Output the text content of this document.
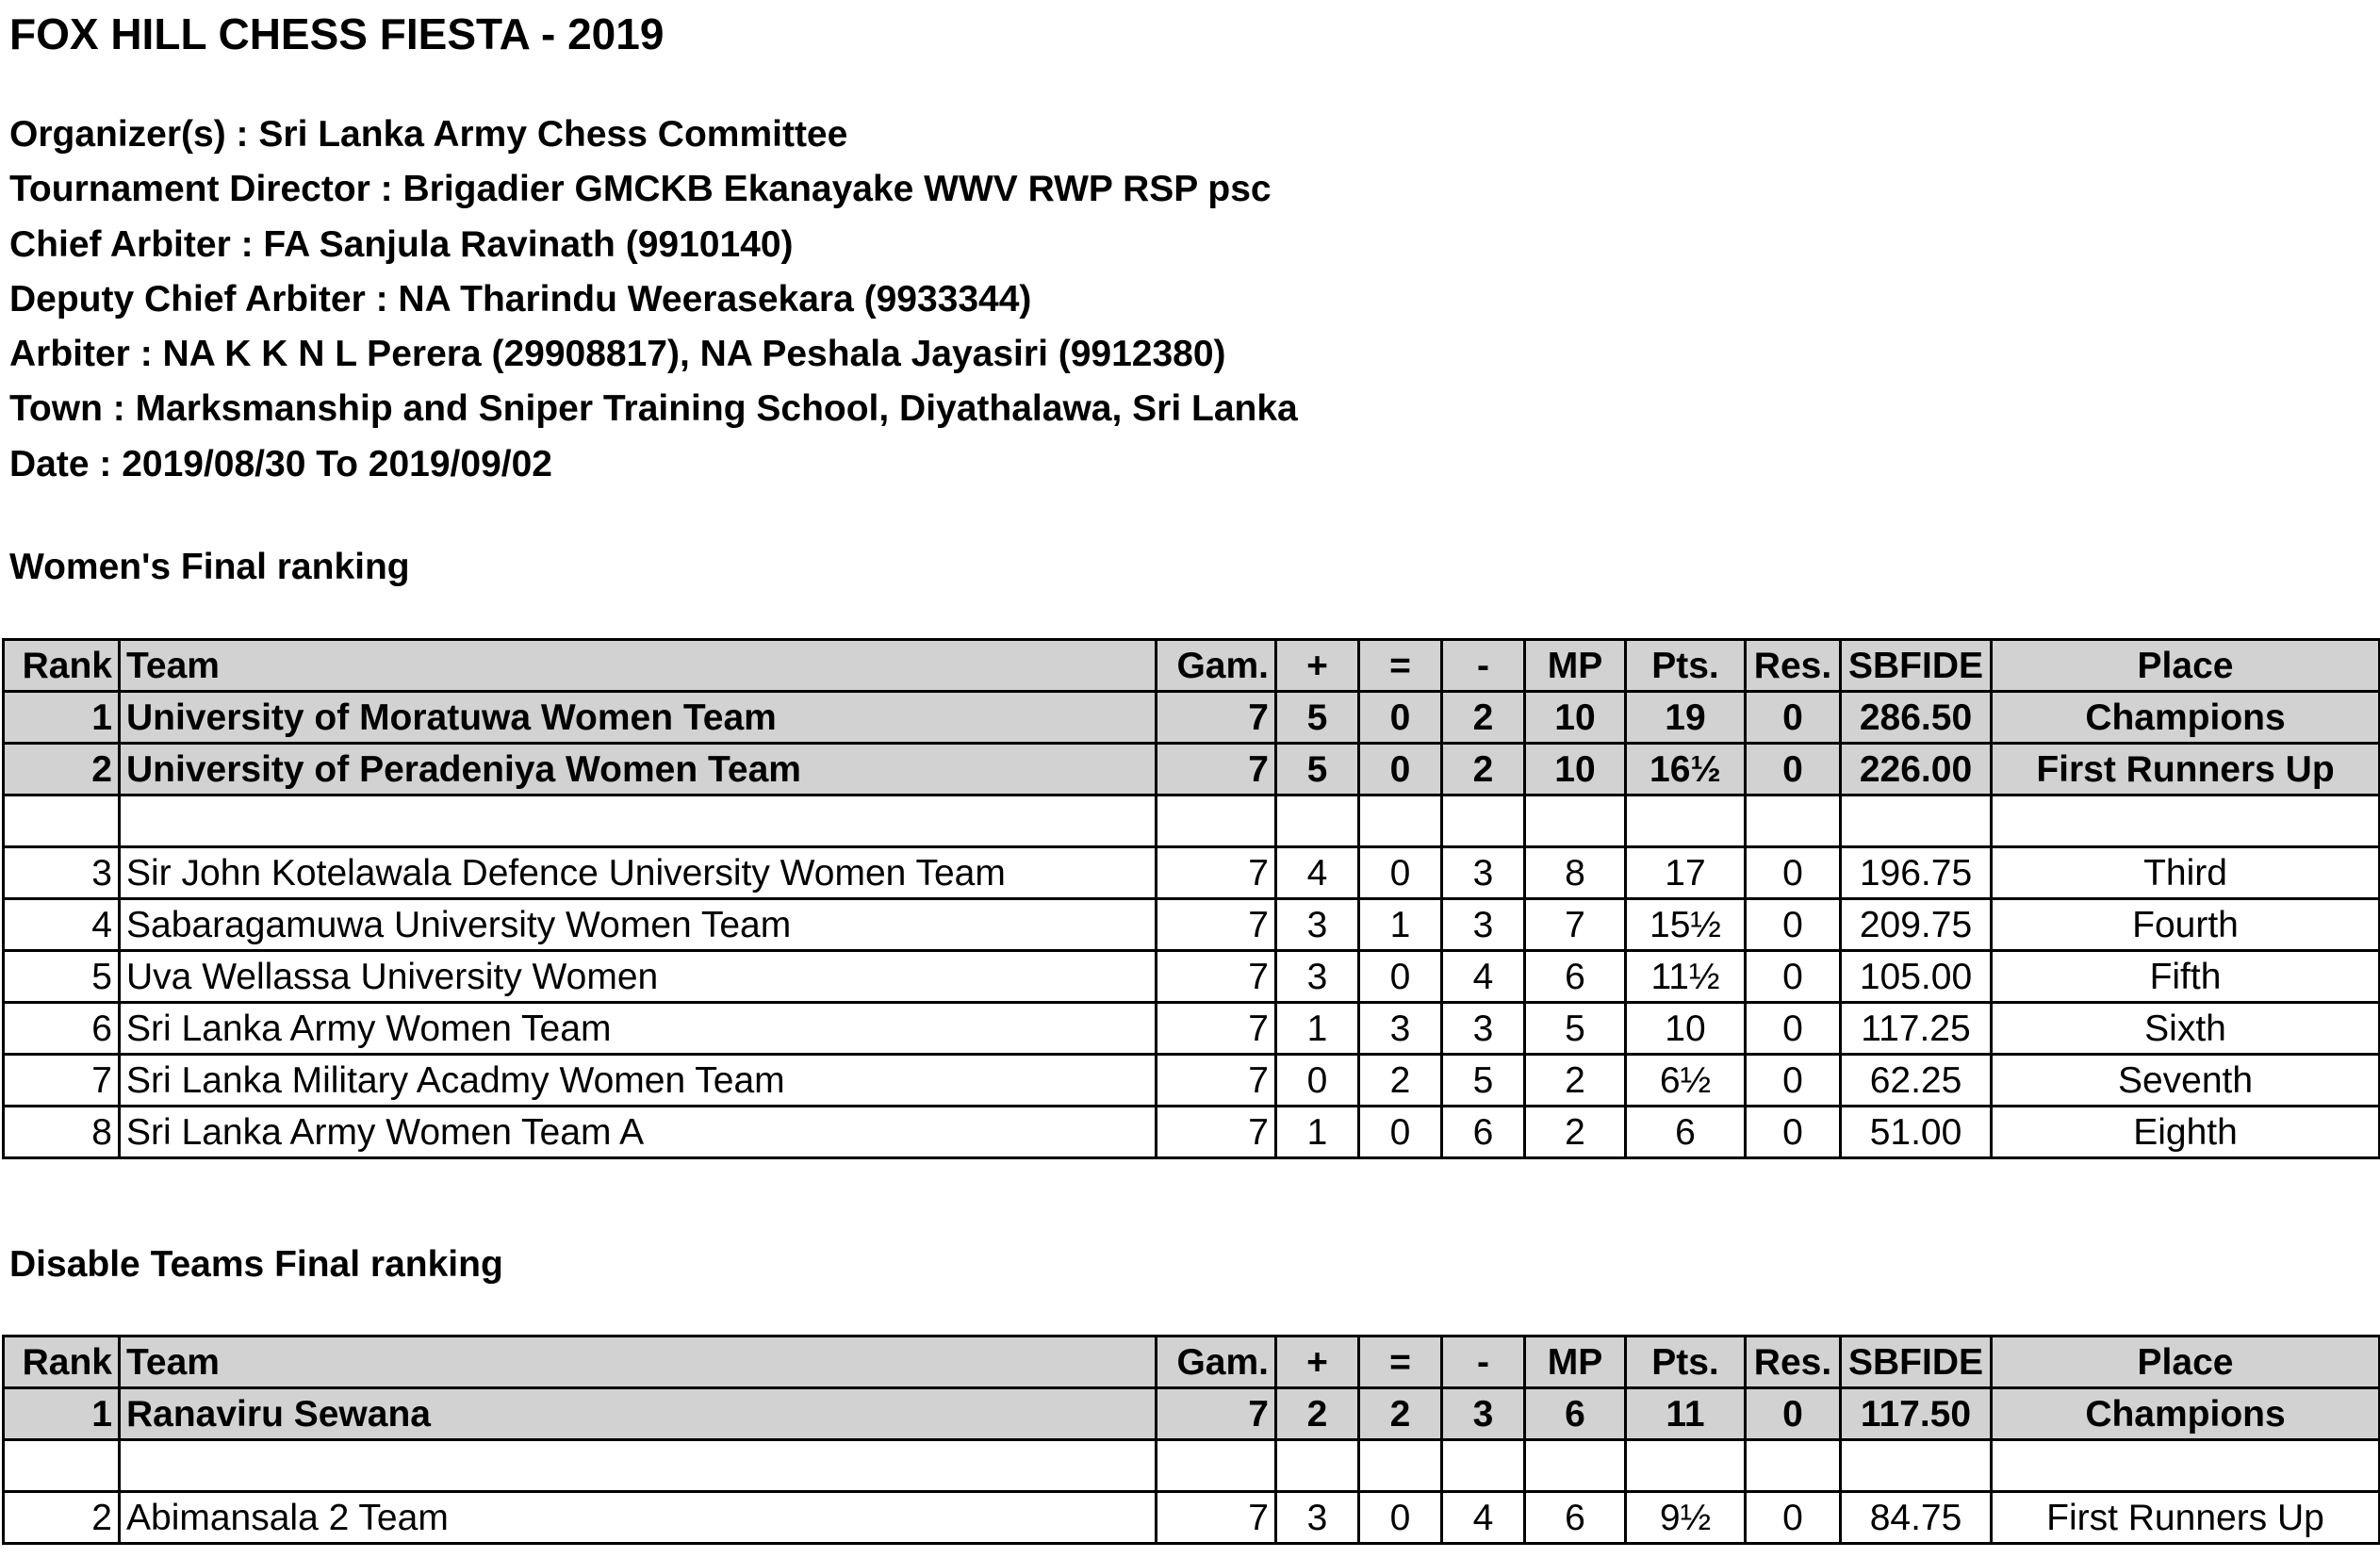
FOX HILL CHESS FIESTA - 2019
Organizer(s) : Sri Lanka Army Chess Committee
Tournament Director : Brigadier GMCKB Ekanayake WWV RWP RSP psc
Chief Arbiter : FA Sanjula Ravinath (9910140)
Deputy Chief Arbiter : NA Tharindu Weerasekara (9933344)
Arbiter : NA K K N L Perera (29908817), NA Peshala Jayasiri (9912380)
Town : Marksmanship and Sniper Training School, Diyathalawa, Sri Lanka
Date : 2019/08/30 To 2019/09/02
Women's Final ranking
Rank	Team	Gam.	+	=	-	MP	Pts.	Res.	SBFIDE	Place
1	University of Moratuwa Women Team	7	5	0	2	10	19	0	286.50	Champions
2	University of Peradeniya Women Team	7	5	0	2	10	16½	0	226.00	First Runners Up

3	Sir John Kotelawala Defence University Women Team	7	4	0	3	8	17	0	196.75	Third
4	Sabaragamuwa University Women Team	7	3	1	3	7	15½	0	209.75	Fourth
5	Uva Wellassa University Women	7	3	0	4	6	11½	0	105.00	Fifth
6	Sri Lanka Army Women Team	7	1	3	3	5	10	0	117.25	Sixth
7	Sri Lanka Military Acadmy Women Team	7	0	2	5	2	6½	0	62.25	Seventh
8	Sri Lanka Army Women Team A	7	1	0	6	2	6	0	51.00	Eighth
Disable Teams Final ranking
Rank	Team	Gam.	+	=	-	MP	Pts.	Res.	SBFIDE	Place
1	Ranaviru Sewana	7	2	2	3	6	11	0	117.50	Champions

2	Abimansala 2 Team	7	3	0	4	6	9½	0	84.75	First Runners Up
